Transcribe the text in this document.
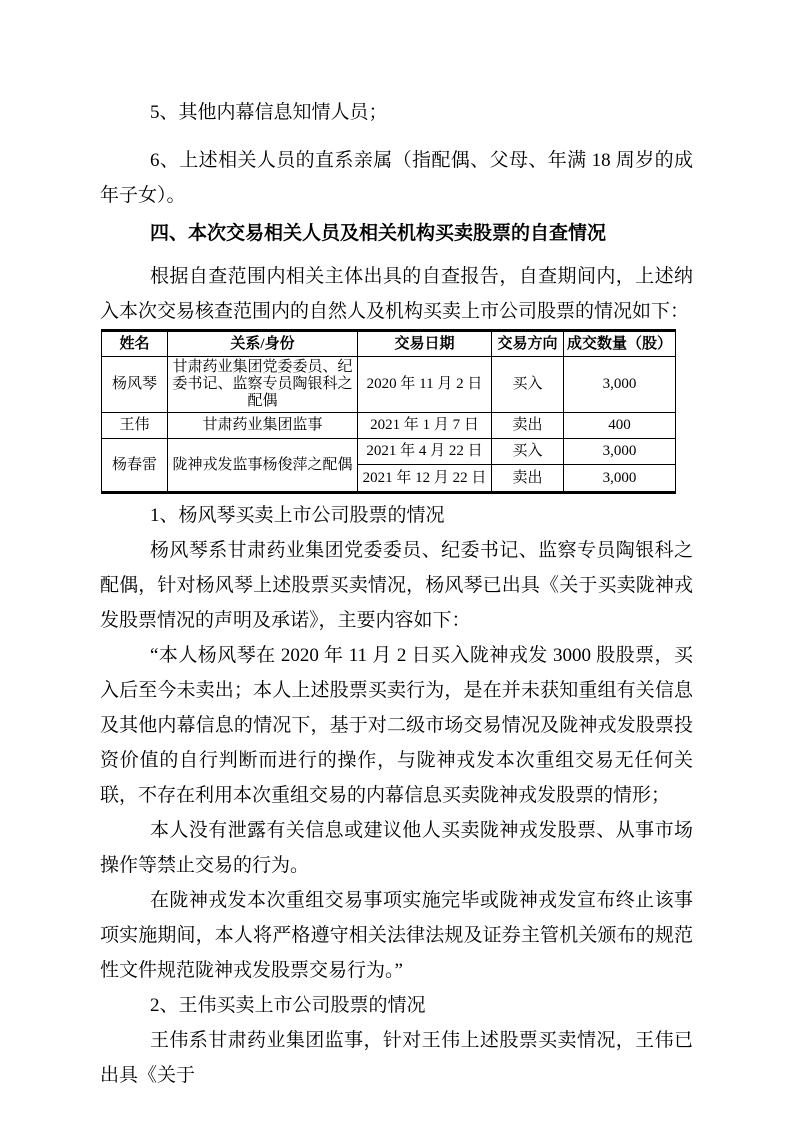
5、其他内幕信息知情人员；

6、上述相关人员的直系亲属（指配偶、父母、年满 18 周岁的成年子女）。

四、本次交易相关人员及相关机构买卖股票的自查情况

根据自查范围内相关主体出具的自查报告，自查期间内，上述纳入本次交易核查范围内的自然人及机构买卖上市公司股票的情况如下：

姓名	关系/身份	交易日期	交易方向	成交数量（股）
杨风琴	甘肃药业集团党委委员、纪委书记、监察专员陶银科之配偶	2020 年 11 月 2 日	买入	3,000
王伟	甘肃药业集团监事	2021 年 1 月 7 日	卖出	400
杨春雷	陇神戎发监事杨俊萍之配偶	2021 年 4 月 22 日	买入	3,000
		2021 年 12 月 22 日	卖出	3,000

1、杨风琴买卖上市公司股票的情况

杨风琴系甘肃药业集团党委委员、纪委书记、监察专员陶银科之配偶，针对杨风琴上述股票买卖情况，杨风琴已出具《关于买卖陇神戎发股票情况的声明及承诺》，主要内容如下：

“本人杨风琴在 2020 年 11 月 2 日买入陇神戎发 3000 股股票，买入后至今未卖出；本人上述股票买卖行为，是在并未获知重组有关信息及其他内幕信息的情况下，基于对二级市场交易情况及陇神戎发股票投资价值的自行判断而进行的操作，与陇神戎发本次重组交易无任何关联，不存在利用本次重组交易的内幕信息买卖陇神戎发股票的情形；

本人没有泄露有关信息或建议他人买卖陇神戎发股票、从事市场操作等禁止交易的行为。

在陇神戎发本次重组交易事项实施完毕或陇神戎发宣布终止该事项实施期间，本人将严格遵守相关法律法规及证券主管机关颁布的规范性文件规范陇神戎发股票交易行为。”

2、王伟买卖上市公司股票的情况

王伟系甘肃药业集团监事，针对王伟上述股票买卖情况，王伟已出具《关于
